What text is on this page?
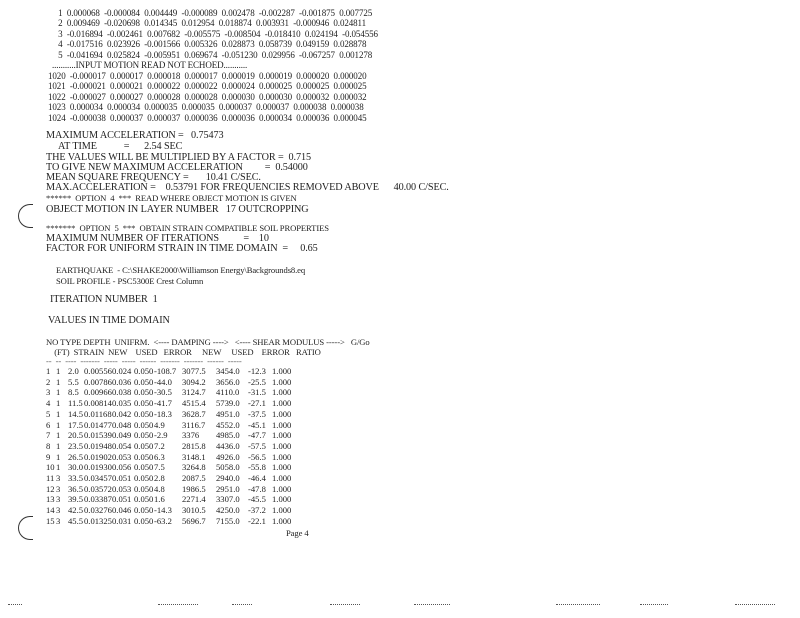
1  0.000068  -0.000084  0.004449  -0.000089  0.002478  -0.002287  -0.001875  0.007725
2  0.009469  -0.020698  0.014345  0.012954  0.018874  0.003931  -0.000946  0.024811
3  -0.016894  -0.002461  0.007682  -0.005575  -0.008504  -0.018410  0.024194  -0.054556
4  -0.017516  0.023926  -0.001566  0.005326  0.028873  0.058739  0.049159  0.028878
5  -0.041694  0.025824  -0.005951  0.069674  -0.051230  0.029956  -0.067257  0.001278
...........INPUT MOTION READ NOT ECHOED...........
1020  -0.000017  0.000017  0.000018  0.000017  0.000019  0.000019  0.000020  0.000020
1021  -0.000021  0.000021  0.000022  0.000022  0.000024  0.000025  0.000025  0.000025
1022  -0.000027  0.000027  0.000028  0.000028  0.000030  0.000030  0.000032  0.000032
1023  0.000034  0.000034  0.000035  0.000035  0.000037  0.000037  0.000038  0.000038
1024  -0.000038  0.000037  0.000037  0.000036  0.000036  0.000034  0.000036  0.000045
MAXIMUM ACCELERATION =   0.75473
AT TIME           =      2.54 SEC
THE VALUES WILL BE MULTIPLIED BY A FACTOR =  0.715
TO GIVE NEW MAXIMUM ACCELERATION         =  0.54000
MEAN SQUARE FREQUENCY =       10.41 C/SEC.
MAX.ACCELERATION =    0.53791 FOR FREQUENCIES REMOVED ABOVE      40.00 C/SEC.
******  OPTION  4  ***  READ WHERE OBJECT MOTION IS GIVEN
OBJECT MOTION IN LAYER NUMBER   17 OUTCROPPING
*******  OPTION  5  ***  OBTAIN STRAIN COMPATIBLE SOIL PROPERTIES
MAXIMUM NUMBER OF ITERATIONS          =    10
FACTOR FOR UNIFORM STRAIN IN TIME DOMAIN  =     0.65
EARTHQUAKE  - C:\SHAKE2000\Williamson Energy\Backgrounds8.eq
SOIL PROFILE - PSC5300E Crest Column
ITERATION NUMBER  1
VALUES IN TIME DOMAIN
NO TYPE DEPTH  UNIFRM.  <---- DAMPING ---->   <---- SHEAR MODULUS ----->   G/Go
(FT)  STRAIN  NEW    USED   ERROR     NEW     USED    ERROR   RATIO
--  --  ----  -------  -----  -----  ------  -------  -------  ------  -----
1 1 2.0 0.00556 0.024 0.050 -108.7 3077.5 3454.0 -12.3 1.000
2 1 5.5 0.00786 0.036 0.050 -44.0 3094.2 3656.0 -25.5 1.000
3 1 8.5 0.00966 0.038 0.050 -30.5 3124.7 4110.0 -31.5 1.000
4 1 11.5 0.00814 0.035 0.050 -41.7 4515.4 5739.0 -27.1 1.000
5 1 14.5 0.01168 0.042 0.050 -18.3 3628.7 4951.0 -37.5 1.000
6 1 17.5 0.01477 0.048 0.050 4.9 3116.7 4552.0 -45.1 1.000
7 1 20.5 0.01539 0.049 0.050 -2.9 3376 4985.0 -47.7 1.000
8 1 23.5 0.01948 0.054 0.050 7.2 2815.8 4436.0 -57.5 1.000
9 1 26.5 0.01902 0.053 0.050 6.3 3148.1 4926.0 -56.5 1.000
10 1 30.0 0.01930 0.056 0.050 7.5 3264.8 5058.0 -55.8 1.000
11 3 33.5 0.03457 0.051 0.050 2.8 2087.5 2940.0 -46.4 1.000
12 3 36.5 0.03572 0.053 0.050 4.8 1986.5 2951.0 -47.8 1.000
13 3 39.5 0.03387 0.051 0.050 1.6 2271.4 3307.0 -45.5 1.000
14 3 42.5 0.03276 0.046 0.050 -14.3 3010.5 4250.0 -37.2 1.000
15 3 45.5 0.01325 0.031 0.050 -63.2 5696.7 7155.0 -22.1 1.000
Page 4
